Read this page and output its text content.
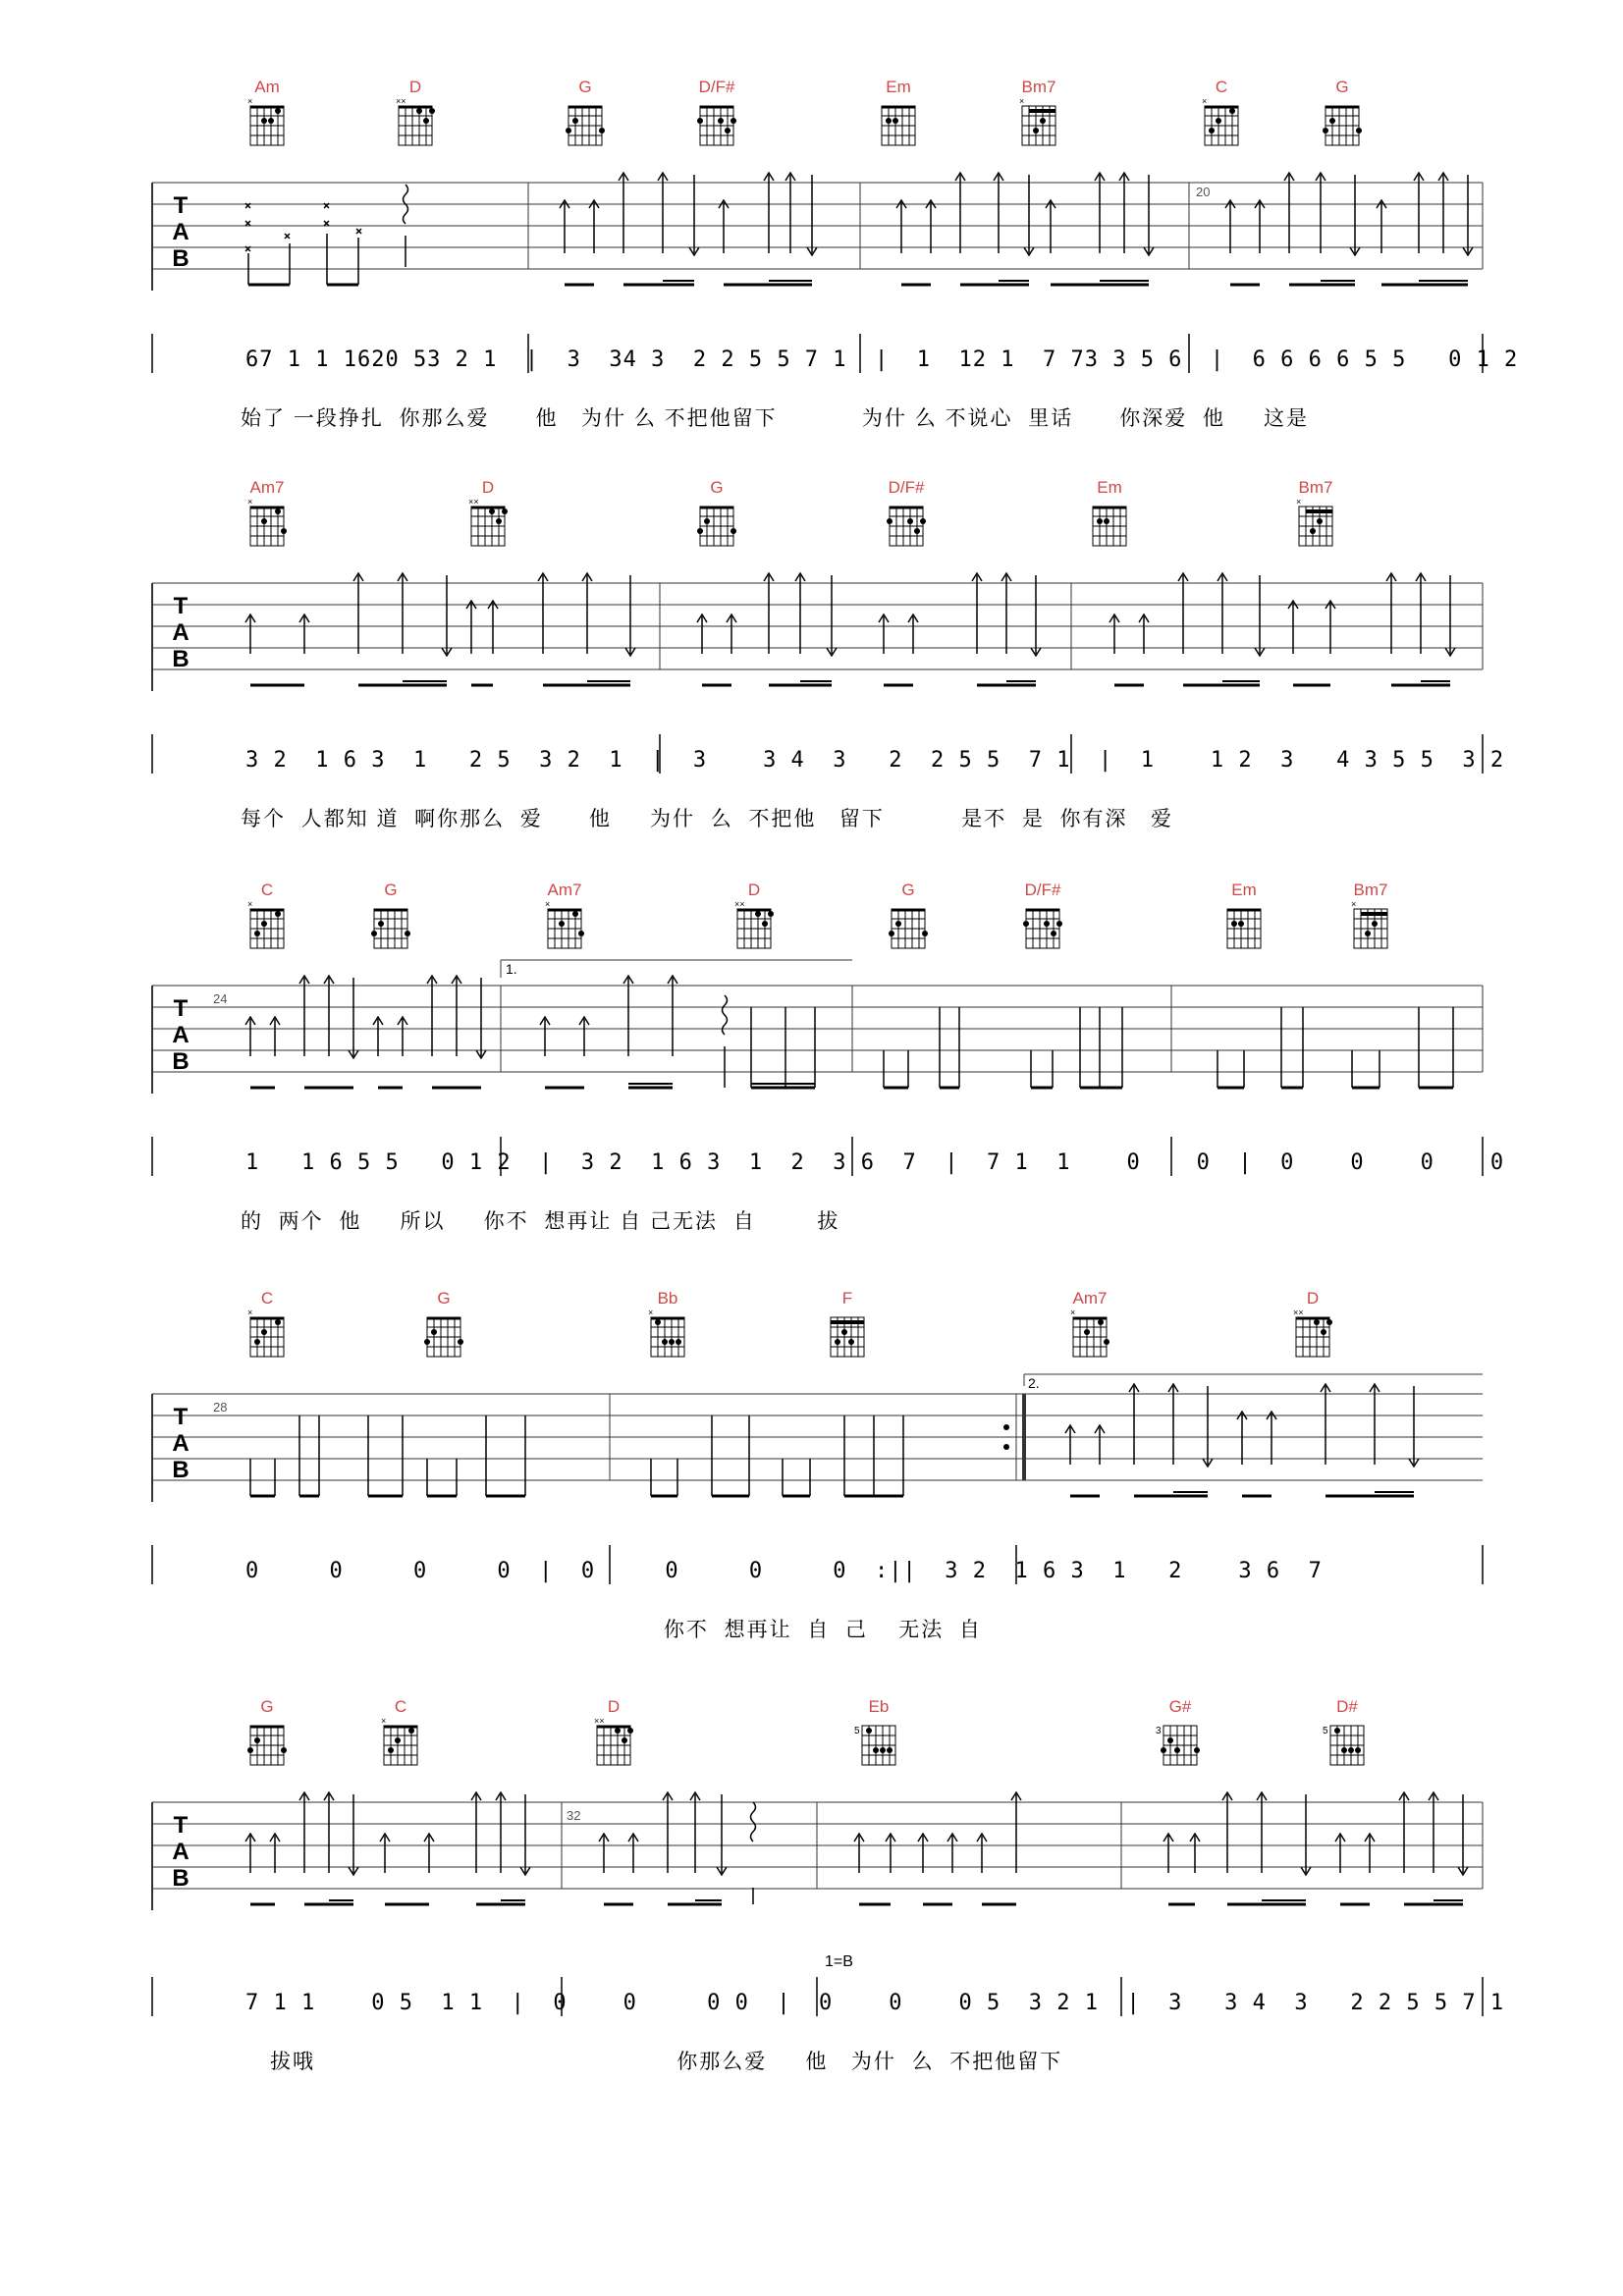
Am
×
D
××
G	D/F#	Em	Bm7
×
C
×
G
20
T
A
B
67 1 1 1620 53 2 1  |  3  34 3  2 2 5 5 7 1  |  1  12 1  7 73 3 5 6  |  6 6 6 6 5 5   0 1 2
始了 一段挣扎  你那么爱      他   为什 么 不把他留下           为什 么 不说心  里话      你深爱  他     这是
Am7
×
D
××
G	D/F#	Em	Bm7
×
T
A
B
3 2  1 6 3  1   2 5  3 2  1  |  3    3 4  3   2  2 5 5  7 1  |  1    1 2  3   4 3 5 5  3 2
每个  人都知 道  啊你那么  爱      他     为什  么  不把他   留下          是不  是  你有深   爱
C
×
G	Am7
×
D
××
G	D/F#	Em	Bm7
×
1.
24
T
A
B
1   1 6 5 5   0 1 2  |  3 2  1 6 3  1  2  3 6  7  |  7 1  1    0    0  |  0    0    0    0
的  两个  他     所以     你不  想再让 自 己无法  自        拔
C
×
G	Bb
×
F	Am7
×
D
××
2.
28
T
A
B
0     0     0     0  |  0     0     0     0  :||  3 2  1 6 3  1   2    3 6  7
你不  想再让  自  己    无法  自
G	C
×
D
××
Eb
5
G#
3
D#
5
32
T
A
B
1=B
7 1 1    0 5  1 1  |  0    0     0 0  |  0    0    0 5  3 2 1  |  3   3 4  3   2 2 5 5 7 1
拔哦                                               你那么爱     他   为什  么  不把他留下
